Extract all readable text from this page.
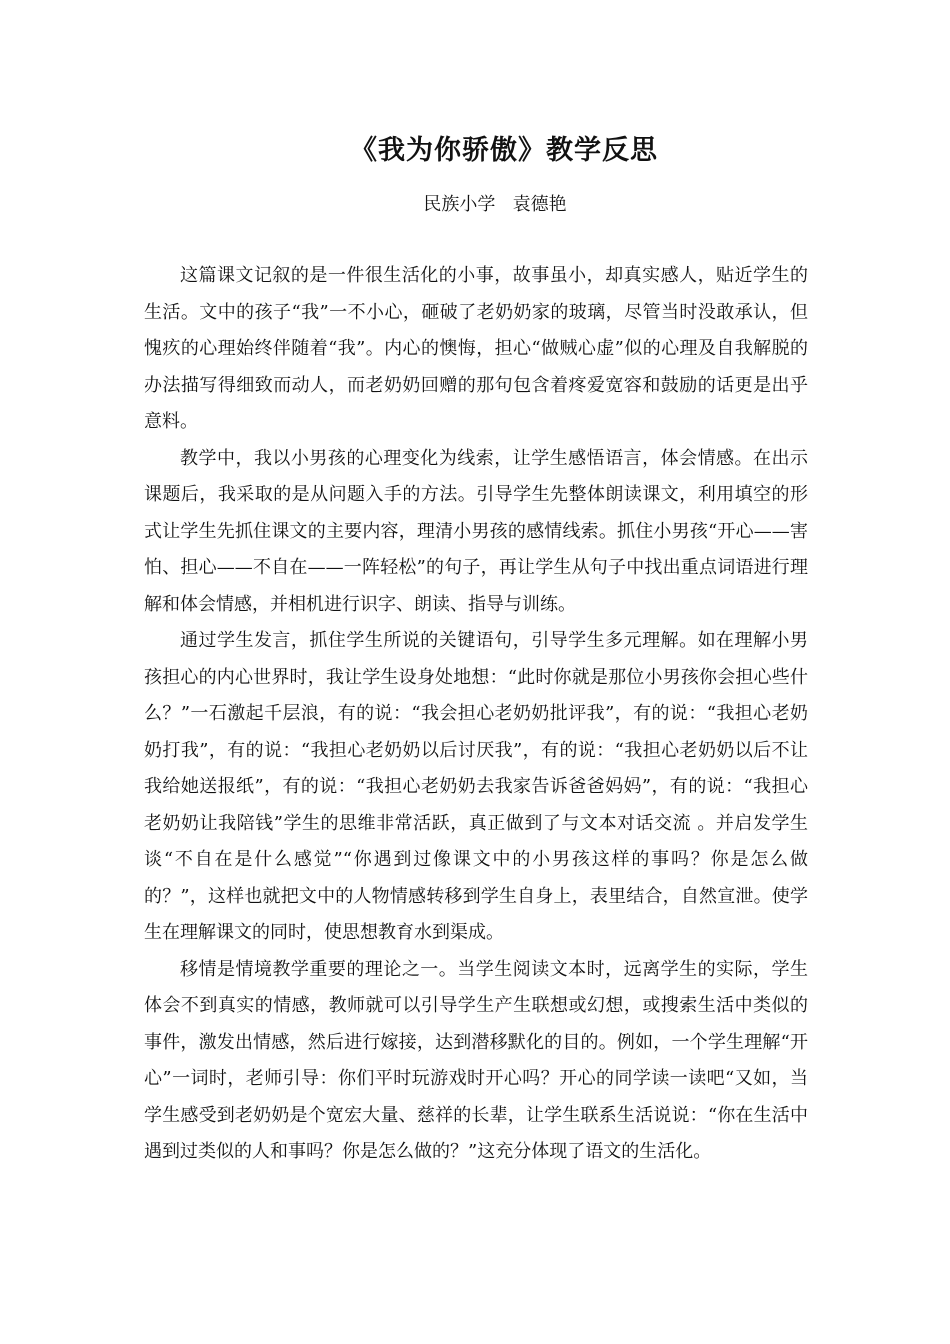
《我为你骄傲》教学反思
民族小学   袁德艳

这篇课文记叙的是一件很生活化的小事，故事虽小，却真实感人，贴近学生的生活。文中的孩子“我”一不小心，砸破了老奶奶家的玻璃，尽管当时没敢承认，但愧疚的心理始终伴随着“我”。内心的懊悔，担心“做贼心虚”似的心理及自我解脱的办法描写得细致而动人，而老奶奶回赠的那句包含着疼爱宽容和鼓励的话更是出乎意料。

教学中，我以小男孩的心理变化为线索，让学生感悟语言，体会情感。在出示课题后，我采取的是从问题入手的方法。引导学生先整体朗读课文，利用填空的形式让学生先抓住课文的主要内容，理清小男孩的感情线索。抓住小男孩“开心——害怕、担心——不自在——一阵轻松”的句子，再让学生从句子中找出重点词语进行理解和体会情感，并相机进行识字、朗读、指导与训练。

通过学生发言，抓住学生所说的关键语句，引导学生多元理解。如在理解小男孩担心的内心世界时，我让学生设身处地想：“此时你就是那位小男孩你会担心些什么？”一石激起千层浪，有的说：“我会担心老奶奶批评我”，有的说：“我担心老奶奶打我”，有的说：“我担心老奶奶以后讨厌我”，有的说：“我担心老奶奶以后不让我给她送报纸”，有的说：“我担心老奶奶去我家告诉爸爸妈妈”，有的说：“我担心老奶奶让我陪钱”学生的思维非常活跃，真正做到了与文本对话交流 。并启发学生谈“不自在是什么感觉”“你遇到过像课文中的小男孩这样的事吗？你是怎么做的？”，这样也就把文中的人物情感转移到学生自身上，表里结合，自然宣泄。使学生在理解课文的同时，使思想教育水到渠成。

移情是情境教学重要的理论之一。当学生阅读文本时，远离学生的实际，学生体会不到真实的情感，教师就可以引导学生产生联想或幻想，或搜索生活中类似的事件，激发出情感，然后进行嫁接，达到潜移默化的目的。例如，一个学生理解“开心”一词时，老师引导：你们平时玩游戏时开心吗？开心的同学读一读吧“又如，当学生感受到老奶奶是个宽宏大量、慈祥的长辈，让学生联系生活说说：“你在生活中遇到过类似的人和事吗？你是怎么做的？”这充分体现了语文的生活化。
